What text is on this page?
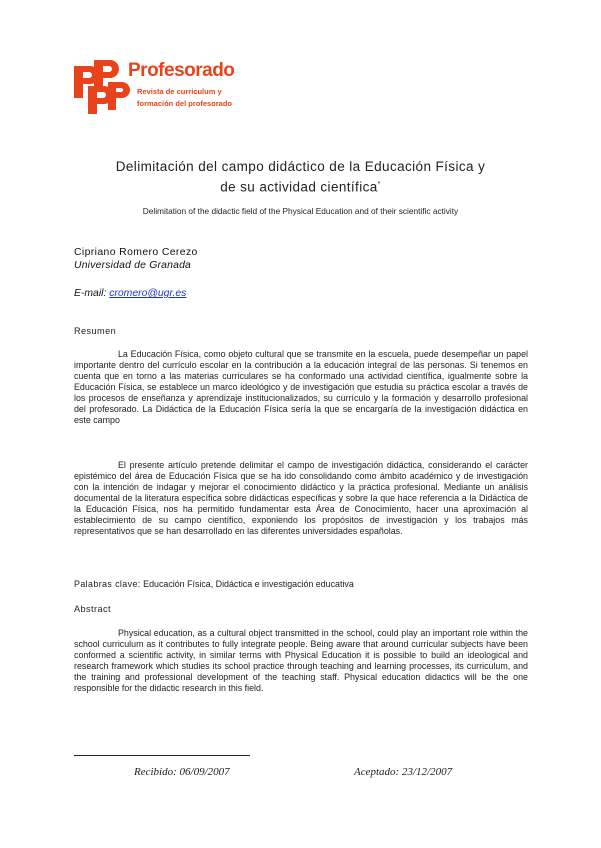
Profesorado
Revista de currículum y
formación del profesorado
Delimitación del campo didáctico de la Educación Física y
de su actividad científica*
Delimitation of the didactic field of the Physical Education and of their scientific activity
Cipriano Romero Cerezo
Universidad de Granada
E-mail: cromero@ugr.es
Resumen
La Educación Física, como objeto cultural que se transmite en la escuela, puede desempeñar un papel importante dentro del currículo escolar en la contribución a la educación integral de las personas. Si tenemos en cuenta que en torno a las materias curriculares se ha conformado una actividad científica, igualmente sobre la Educación Física, se establece un marco ideológico y de investigación que estudia su práctica escolar a través de los procesos de enseñanza y aprendizaje institucionalizados, su currículo y la formación y desarrollo profesional del profesorado. La Didáctica de la Educación Física sería la que se encargaría de la investigación didáctica en este campo
El presente artículo pretende delimitar el campo de investigación didáctica, considerando el carácter epistémico del área de Educación Física que se ha ido consolidando como ámbito académico y de investigación con la intención de indagar y mejorar el conocimiento didáctico y la práctica profesional. Mediante un análisis documental de la literatura específica sobre didácticas específicas y sobre la que hace referencia a la Didáctica de la Educación Física, nos ha permitido fundamentar esta Área de Conocimiento, hacer una aproximación al establecimiento de su campo científico, exponiendo los propósitos de investigación y los trabajos más representativos que se han desarrollado en las diferentes universidades españolas.
Palabras clave: Educación Física, Didáctica e investigación educativa
Abstract
Physical education, as a cultural object transmitted in the school, could play an important role within the school curriculum as it contributes to fully integrate people. Being aware that around curricular subjects have been conformed a scientific activity, in similar terms with Physical Education it is possible to build an ideological and research framework which studies its school practice through teaching and learning processes, its curriculum, and the training and professional development of the teaching staff. Physical education didactics will be the one responsible for the didactic research in this field.
Recibido: 06/09/2007	Aceptado: 23/12/2007
